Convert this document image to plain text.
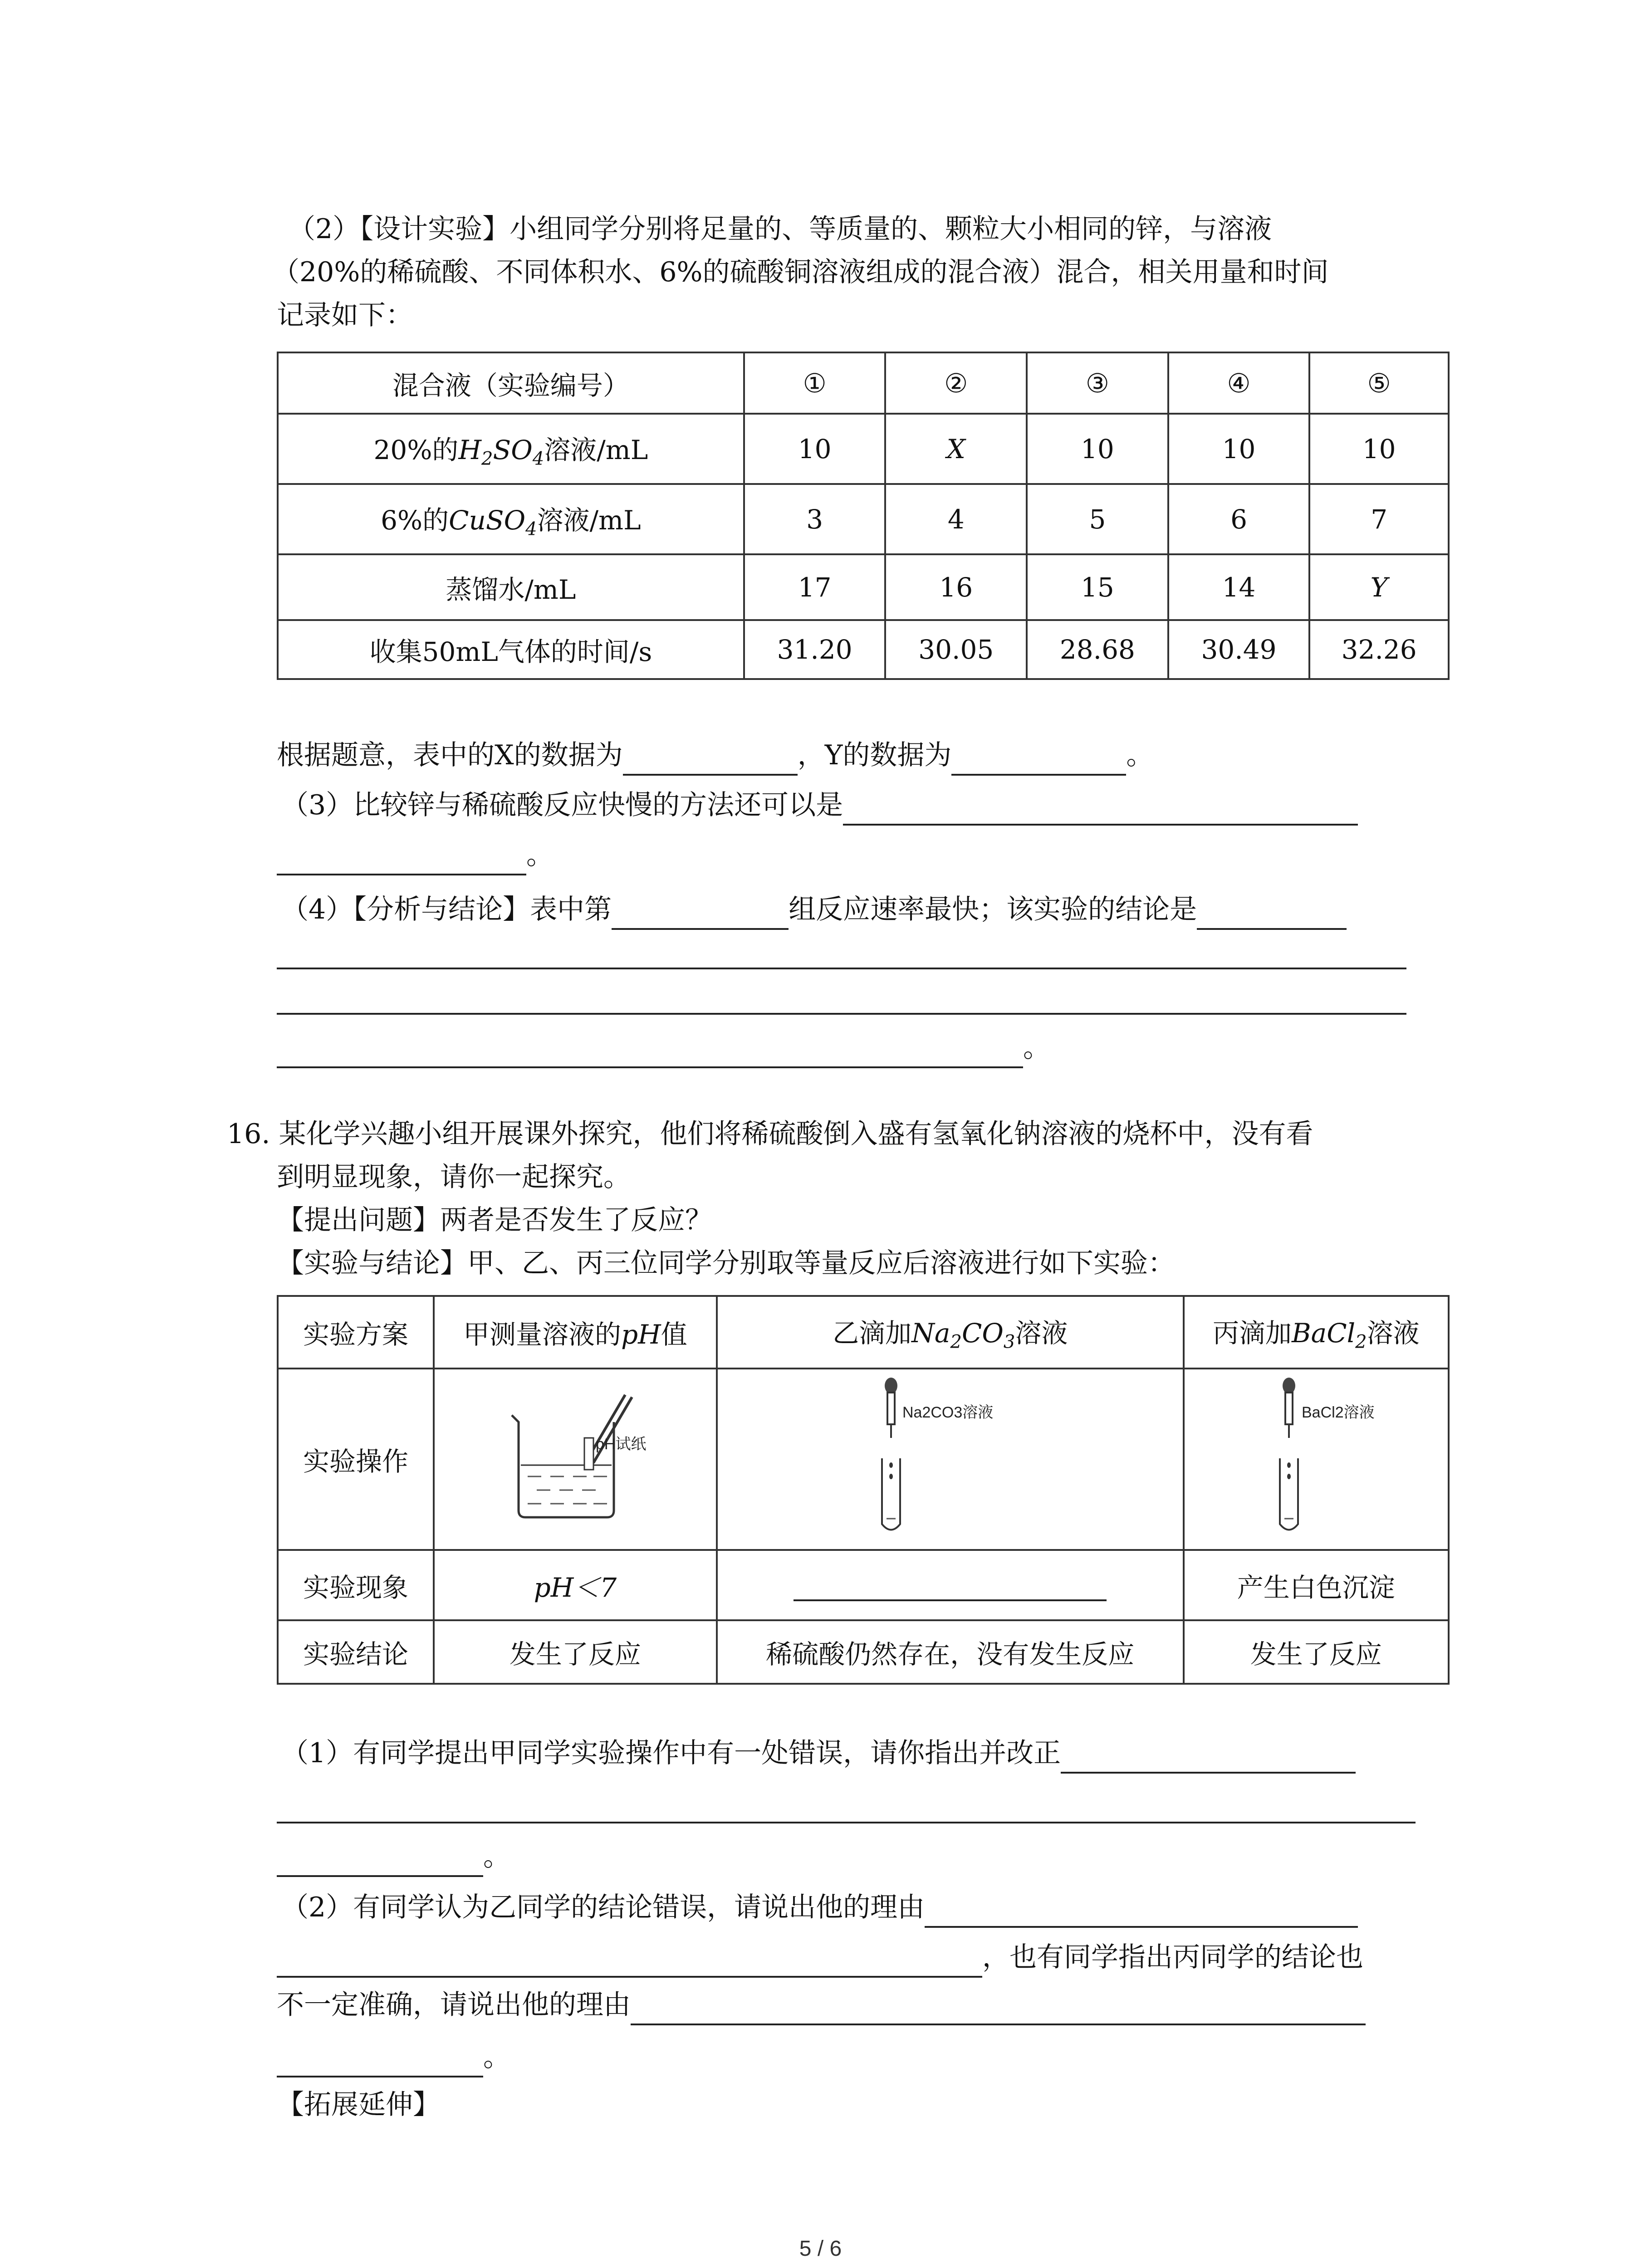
（2）【设计实验】小组同学分别将足量的、等质量的、颗粒大小相同的锌，与溶液
（20%的稀硫酸、不同体积水、6%的硫酸铜溶液组成的混合液）混合，相关用量和时间
记录如下：
混合液（实验编号）	①	②	③	④	⑤
20%的$H_2SO_4$溶液/mL	10	X	10	10	10
6%的CuSO$_4$溶液/mL	3	4	5	6	7
蒸馏水/mL	17	16	15	14	Y
收集50mL气体的时间/s	31.20	30.05	28.68	30.49	32.26
根据题意，表中的X的数据为	，Y的数据为	。
（3）比较锌与稀硫酸反应快慢的方法还可以是
。
（4）【分析与结论】表中第	组反应速率最快；该实验的结论是
。
16. 某化学兴趣小组开展课外探究，他们将稀硫酸倒入盛有氢氧化钠溶液的烧杯中，没有看
到明显现象，请你一起探究。
【提出问题】两者是否发生了反应？
【实验与结论】甲、乙、丙三位同学分别取等量反应后溶液进行如下实验：
实验方案	甲测量溶液的pH值	乙滴加$Na_2CO_3$溶液	丙滴加BaCl$_2$溶液
实验操作	pH试纸	Na2CO3溶液	BaCl2溶液

实验现象	pH＜7		产生白色沉淀
实验结论	发生了反应	稀硫酸仍然存在，没有发生反应	发生了反应
（1）有同学提出甲同学实验操作中有一处错误，请你指出并改正
。
（2）有同学认为乙同学的结论错误，请说出他的理由
，也有同学指出丙同学的结论也
不一定准确，请说出他的理由
。
【拓展延伸】
5 / 6
